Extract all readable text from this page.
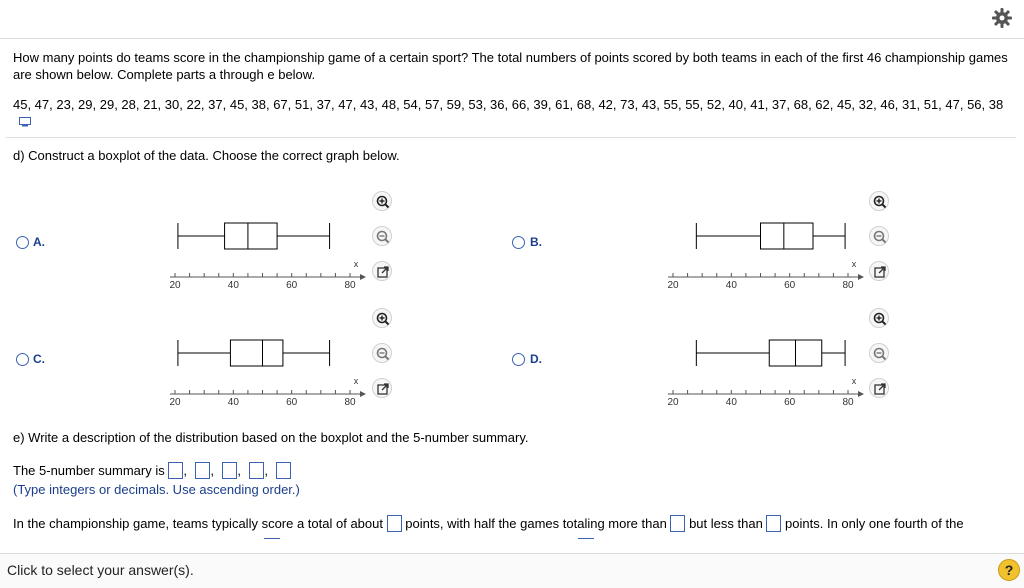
How many points do teams score in the championship game of a certain sport? The total numbers of points scored by both teams in each of the first 46 championship games are shown below. Complete parts a through e below.

45, 47, 23, 29, 29, 28, 21, 30, 22, 37, 45, 38, 67, 51, 37, 47, 43, 48, 54, 57, 59, 53, 36, 66, 39, 61, 68, 42, 73, 43, 55, 55, 52, 40, 41, 37, 68, 62, 45, 32, 46, 31, 51, 47, 56, 38

d) Construct a boxplot of the data. Choose the correct graph below.

A.
20	40	60	80
x
B.
20	40	60	80
x
C.
20	40	60	80
x
D.
20	40	60	80
x

e) Write a description of the distribution based on the boxplot and the 5-number summary.

The 5-number summary is , , , ,
(Type integers or decimals. Use ascending order.)
In the championship game, teams typically score a total of about points, with half the games totaling more than but less than points. In only one fourth of the
Click to select your answer(s).	?
